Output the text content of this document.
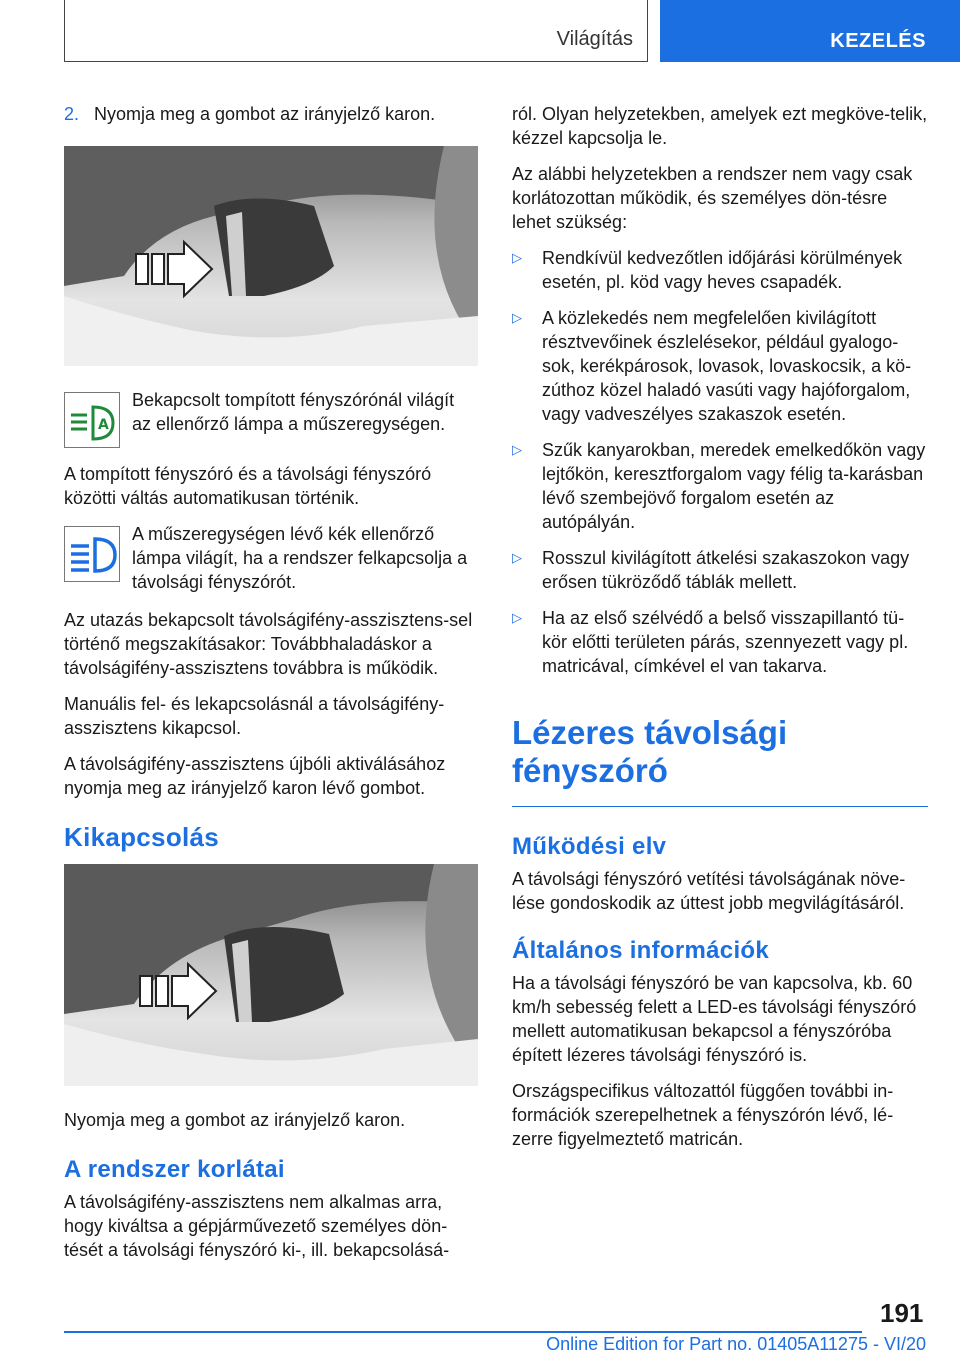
Világítás	KEZELÉS
2. Nyomja meg a gombot az irányjelző karon.
A
Bekapcsolt tompított fényszórónál világít az ellenőrző lámpa a műszeregységen.

A tompított fényszóró és a távolsági fényszóró közötti váltás automatikusan történik.

A műszeregységen lévő kék ellenőrző lámpa világít, ha a rendszer felkapcsolja a távolsági fényszórót.

Az utazás bekapcsolt távolságifény-asszisztens-sel történő megszakításakor: Továbbhaladáskor a távolságifény-asszisztens továbbra is működik.

Manuális fel- és lekapcsolásnál a távolságifény-asszisztens kikapcsol.

A távolságifény-asszisztens újbóli aktiválásához nyomja meg az irányjelző karon lévő gombot.

Kikapcsolás

Nyomja meg a gombot az irányjelző karon.

A rendszer korlátai

A távolságifény-asszisztens nem alkalmas arra, hogy kiváltsa a gépjárművezető személyes dön-tését a távolsági fényszóró ki-, ill. bekapcsolásá-

ról. Olyan helyzetekben, amelyek ezt megköve-telik, kézzel kapcsolja le.

Az alábbi helyzetekben a rendszer nem vagy csak korlátozottan működik, és személyes dön-tésre lehet szükség:

▷	Rendkívül kedvezőtlen időjárási körülmények esetén, pl. köd vagy heves csapadék.
▷	A közlekedés nem megfelelően kivilágított résztvevőinek észlelésekor, például gyalogo-sok, kerékpárosok, lovasok, lovaskocsik, a kö-zúthoz közel haladó vasúti vagy hajóforgalom, vagy vadveszélyes szakaszok esetén.
▷	Szűk kanyarokban, meredek emelkedőkön vagy lejtőkön, keresztforgalom vagy félig ta-karásban lévő szembejövő forgalom esetén az autópályán.
▷	Rosszul kivilágított átkelési szakaszokon vagy erősen tükröződő táblák mellett.
▷	Ha az első szélvédő a belső visszapillantó tü-kör előtti területen párás, szennyezett vagy pl. matricával, címkével el van takarva.
Lézeres távolsági fényszóró
Működési elv

A távolsági fényszóró vetítési távolságának növe-lése gondoskodik az úttest jobb megvilágításáról.

Általános információk

Ha a távolsági fényszóró be van kapcsolva, kb. 60 km/h sebesség felett a LED-es távolsági fényszóró mellett automatikusan bekapcsol a fényszóróba épített lézeres távolsági fényszóró is.

Országspecifikus változattól függően további in-formációk szerepelhetnek a fényszórón lévő, lé-zerre figyelmeztető matricán.

191
Online Edition for Part no. 01405A11275 - VI/20
